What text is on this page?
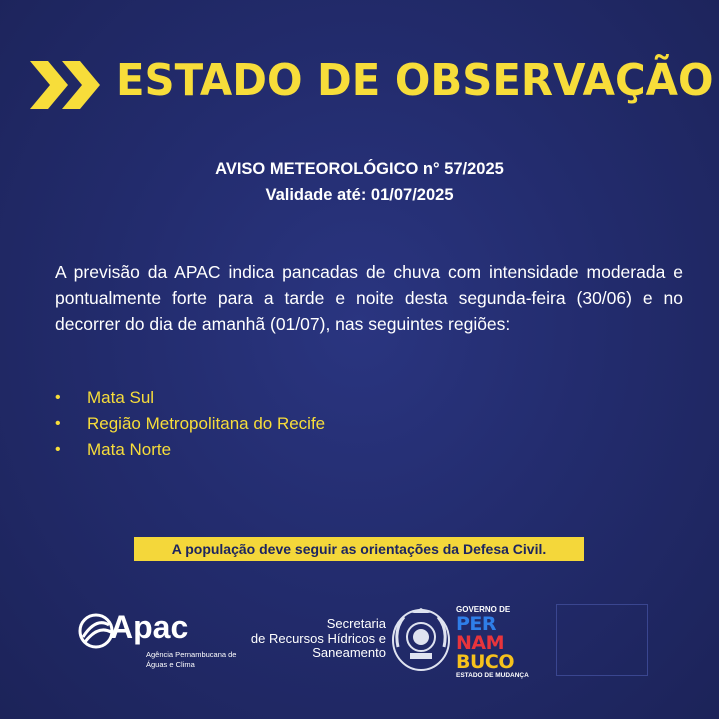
ESTADO DE OBSERVAÇÃO
AVISO METEOROLÓGICO n° 57/2025
Validade até: 01/07/2025

A previsão da APAC indica pancadas de chuva com intensidade moderada e pontualmente forte para a tarde e noite desta segunda-feira (30/06) e no decorrer do dia de amanhã (01/07), nas seguintes regiões:

• Mata Sul
• Região Metropolitana do Recife
• Mata Norte
A população deve seguir as orientações da Defesa Civil.
Apac
Agência Pernambucana de Águas e Clima
Secretaria
de Recursos Hídricos e
Saneamento
GOVERNO DE
PER
NAM
BUCO
ESTADO DE MUDANÇA
